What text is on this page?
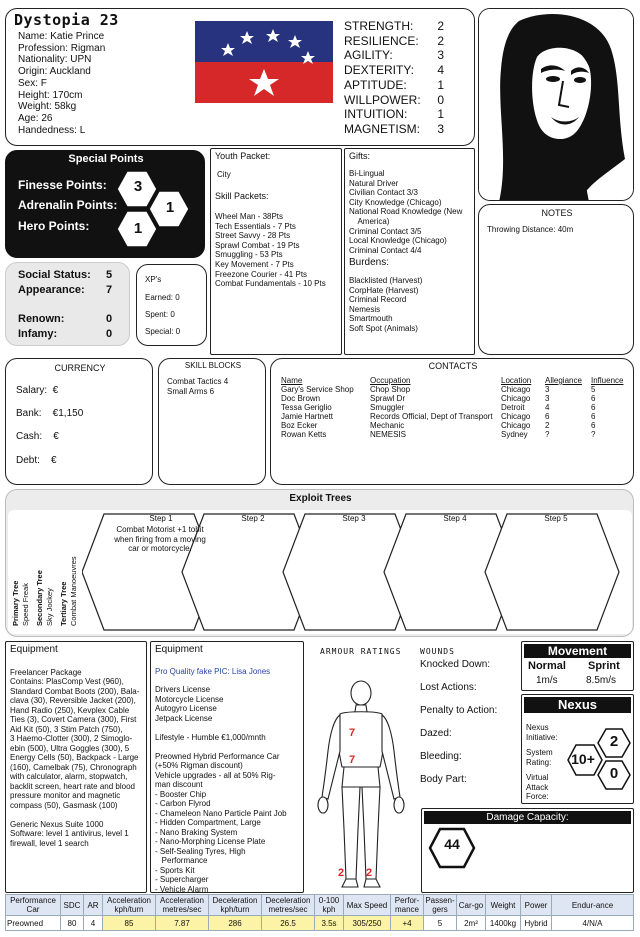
Dystopia 23
Name: Katie Prince
Profession: Rigman
Nationality: UPN
Origin: Auckland
Sex: F
Height: 170cm
Weight: 58kg
Age: 26
Handedness: L
STRENGTH: 2
RESILIENCE: 2
AGILITY:	3
DEXTERITY: 4
APTITUDE:	1
WILLPOWER: 0
INTUITION: 1
MAGNETISM: 3
Special Points
Finesse Points:
Adrenalin Points:
Hero Points:
3
1
1
Social Status: 5
Appearance: 7
Renown:	0
Infamy:	0
XP's
Earned: 0
Spent: 0
Special: 0
Youth Packet:
City
Skill Packets:
Wheel Man - 38Pts
Tech Essentials - 7 Pts
Street Savvy - 28 Pts
Sprawl Combat - 19 Pts
Smuggling - 53 Pts
Key Movement - 7 Pts
Freezone Courier - 41 Pts
Combat Fundamentals - 10 Pts
Gifts:
Bi-Lingual
Natural Driver
Civilian Contact 3/3
City Knowledge (Chicago)
National Road Knowledge (New
America)
Criminal Contact 3/5
Local Knowledge (Chicago)
Criminal Contact 4/4
Burdens:
Blacklisted (Harvest)
CorpHate (Harvest)
Criminal Record
Nemesis
Smartmouth
Soft Spot (Animals)
NOTES
Throwing Distance: 40m
CURRENCY
Salary:  €
Bank:    €1,150
Cash:    €
Debt:    €
SKILL BLOCKS
Combat Tactics 4
Small Arms 6
CONTACTS
Name	Occupation	Location	Allegiance	Influence
Gary's Service Shop	Chop Shop	Chicago	3	5
Doc Brown	Sprawl Dr	Chicago	3	6
Tessa Geriglio	Smuggler	Detroit	4	6
Jamie Hartnett	Records Official, Dept of Transport	Chicago	6	6
Boz Ecker	Mechanic	Chicago	2	6
Rowan Ketts	NEMESIS	Sydney	?	?
Exploit Trees
Primary Tree Speed Freak Secondary Tree Sky Jockey Tertiary Tree Combat Manoeuvres
Step 1
Combat Motorist +1 tohit when firing from a moving car or motorcycle.
Step 2	Step 3	Step 4	Step 5
Equipment
Freelancer Package
Contains: PlasComp Vest (960),
Standard Combat Boots (200), Bala-
clava (30), Reversible Jacket (200),
Hand Radio (250), Kevplex Cable
Ties (3), Covert Camera (300), First
Aid Kit (50), 3 Stim Patch (750),
3 Haemo-Clotter (300), 2 Simoglo-
ebin (500), Ultra Goggles (300), 5
Energy Cells (50), Backpack - Large
(160), Camelbak (75), Chronograph
with calculator, alarm, stopwatch,
backlit screen, heart rate and blood
pressure monitor and magnetic
compass (50), Gasmask (100)
Generic Nexus Suite 1000
Software: level 1 antivirus, level 1
firewall, level 1 search
Equipment
Pro Quality fake PIC: Lisa Jones
Drivers License
Motorcycle License
Autogyro License
Jetpack License
Lifestyle - Humble €1,000/mnth
Preowned Hybrid Performance Car
(+50% Rigman discount)
Vehicle upgrades - all at 50% Rig-
man discount
- Booster Chip
- Carbon Flyrod
- Chameleon Nano Particle Paint Job
- Hidden Compartment, Large
- Nano Braking System
- Nano-Morphing License Plate
- Self-Sealing Tyres, High
Performance
- Sports Kit
- Supercharger
- Vehicle Alarm
ARMOUR RATINGS
7
7
2 2
WOUNDS
Knocked Down:
Lost Actions:
Penalty to Action:
Dazed:
Bleeding:
Body Part:
Movement
Normal Sprint
1m/s	8.5m/s
Nexus
Nexus Initiative:
System Rating:
Virtual Attack Force:
2
10+
0
Damage Capacity:
44
Performance Car	SDC	AR	Acceleration kph/turn	Acceleration metres/sec	Deceleration kph/turn	Deceleration metres/sec	0-100 kph	Max Speed	Perfor-mance	Passen-gers	Car-go	Weight	Power	Endur-ance
Preowned	80	4	85	7.87	286	26.5	3.5s	305/250	+4	5	2m²	1400kg	Hybrid	4/N/A
